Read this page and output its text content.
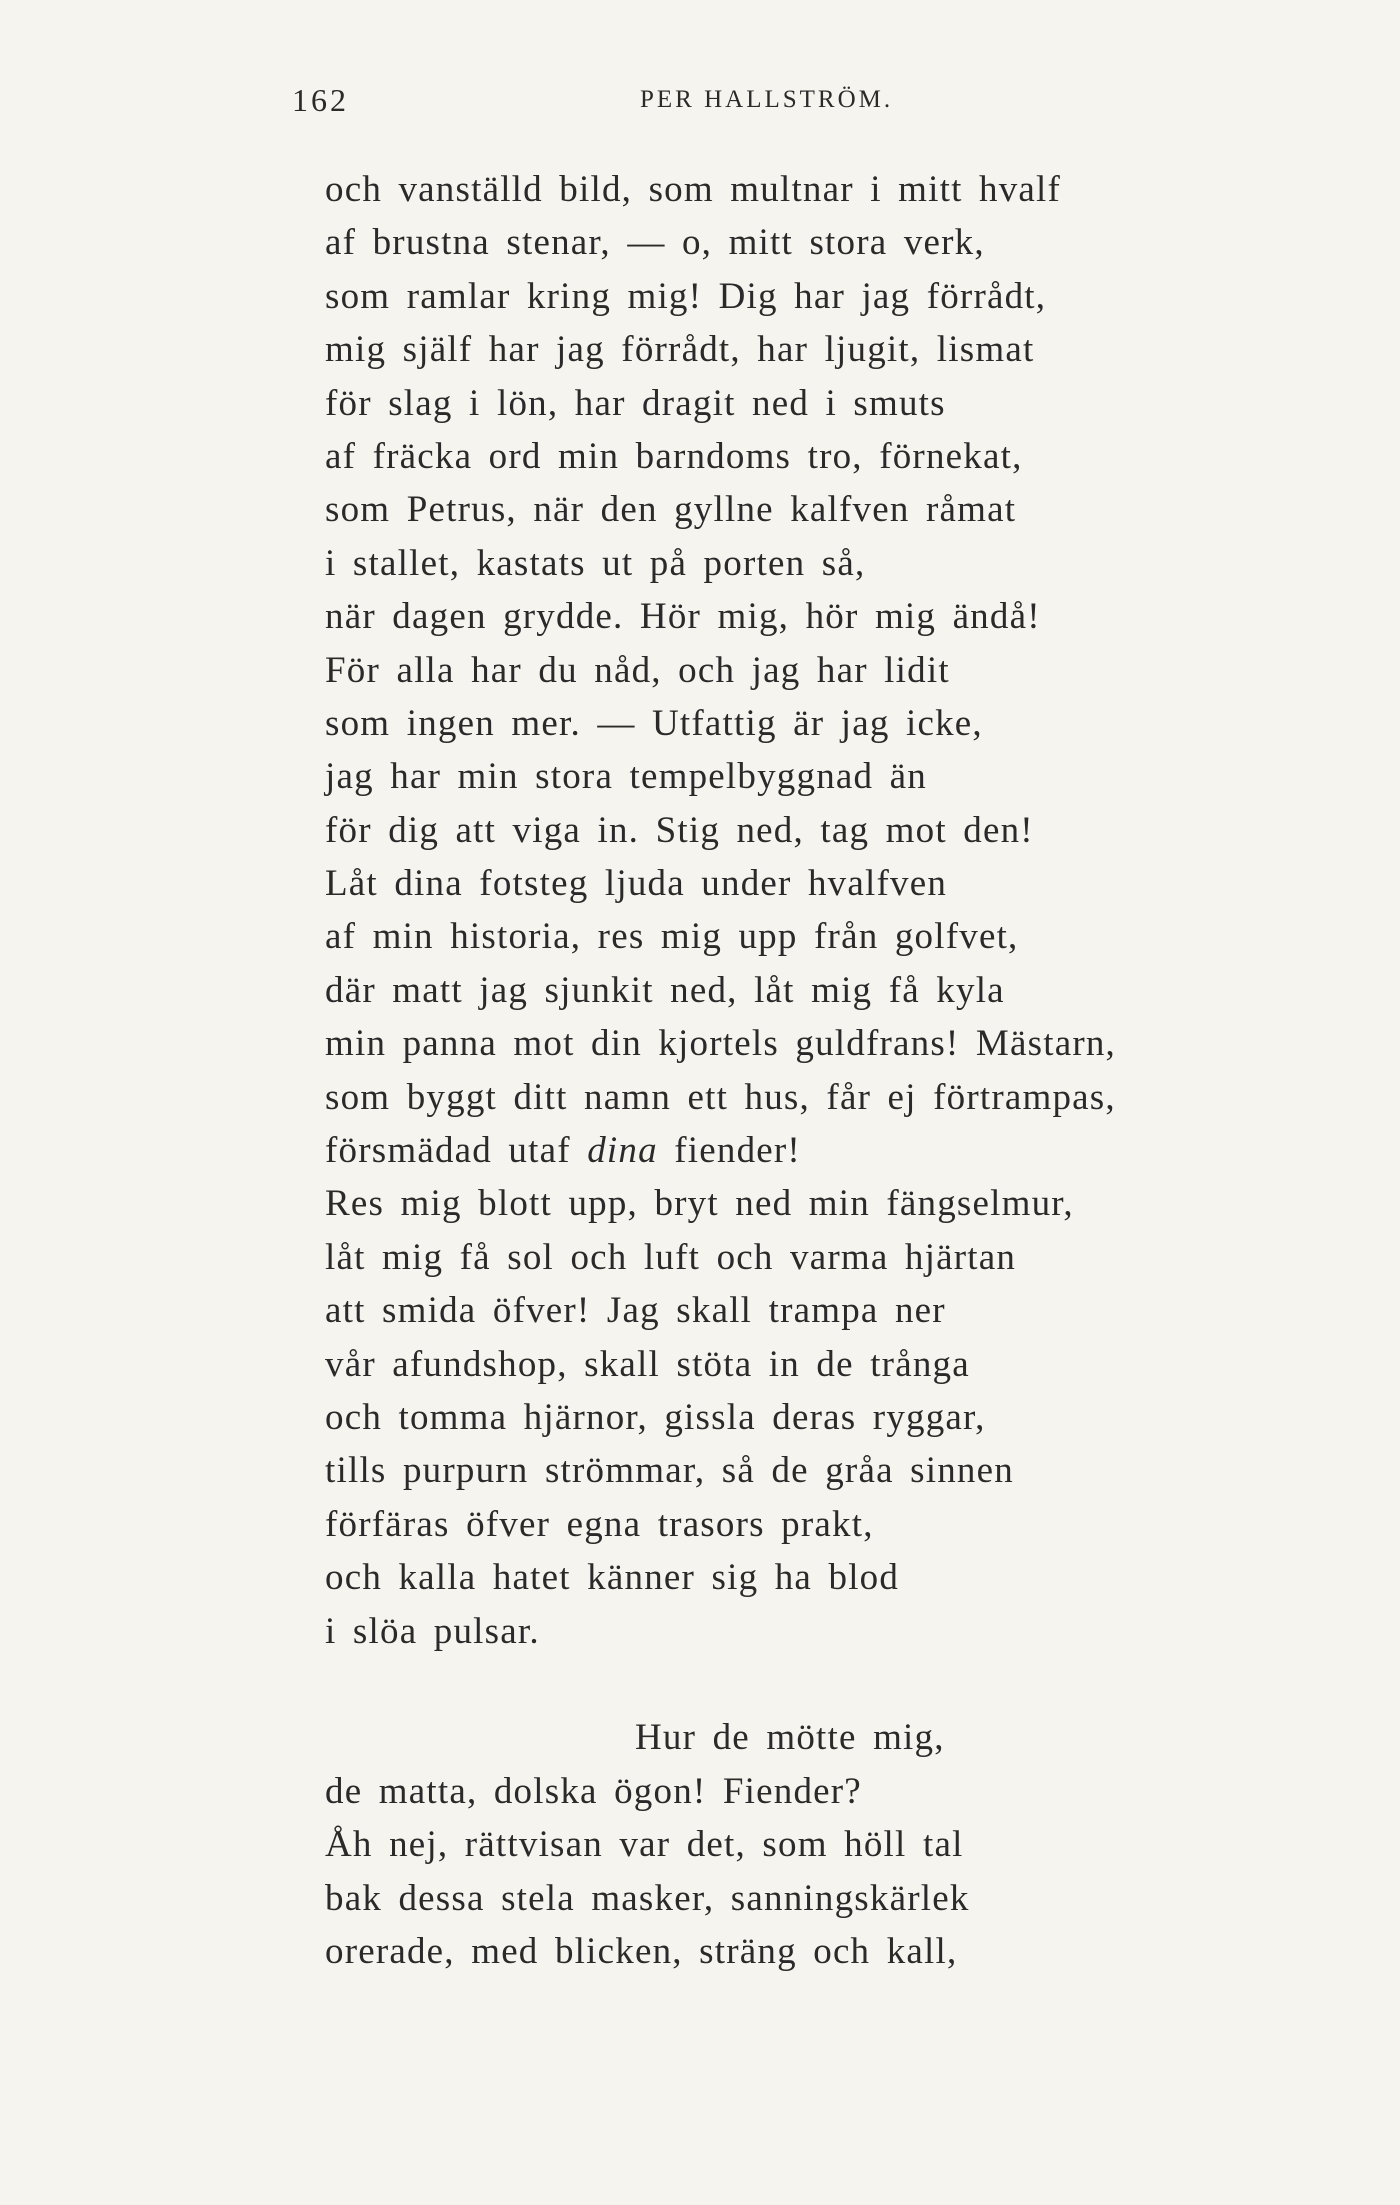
162	PER HALLSTRÖM.
och vanställd bild, som multnar i mitt hvalf
af brustna stenar, — o, mitt stora verk,
som ramlar kring mig! Dig har jag förrådt,
mig själf har jag förrådt, har ljugit, lismat
för slag i lön, har dragit ned i smuts
af fräcka ord min barndoms tro, förnekat,
som Petrus, när den gyllne kalfven råmat
i stallet, kastats ut på porten så,
när dagen grydde. Hör mig, hör mig ändå!
För alla har du nåd, och jag har lidit
som ingen mer. — Utfattig är jag icke,
jag har min stora tempelbyggnad än
för dig att viga in. Stig ned, tag mot den!
Låt dina fotsteg ljuda under hvalfven
af min historia, res mig upp från golfvet,
där matt jag sjunkit ned, låt mig få kyla
min panna mot din kjortels guldfrans! Mästarn,
som byggt ditt namn ett hus, får ej förtrampas,
försmädad utaf dina fiender!
Res mig blott upp, bryt ned min fängselmur,
låt mig få sol och luft och varma hjärtan
att smida öfver! Jag skall trampa ner
vår afundshop, skall stöta in de trånga
och tomma hjärnor, gissla deras ryggar,
tills purpurn strömmar, så de gråa sinnen
förfäras öfver egna trasors prakt,
och kalla hatet känner sig ha blod
i slöa pulsar.
Hur de mötte mig,
de matta, dolska ögon! Fiender?
Åh nej, rättvisan var det, som höll tal
bak dessa stela masker, sanningskärlek
orerade, med blicken, sträng och kall,
